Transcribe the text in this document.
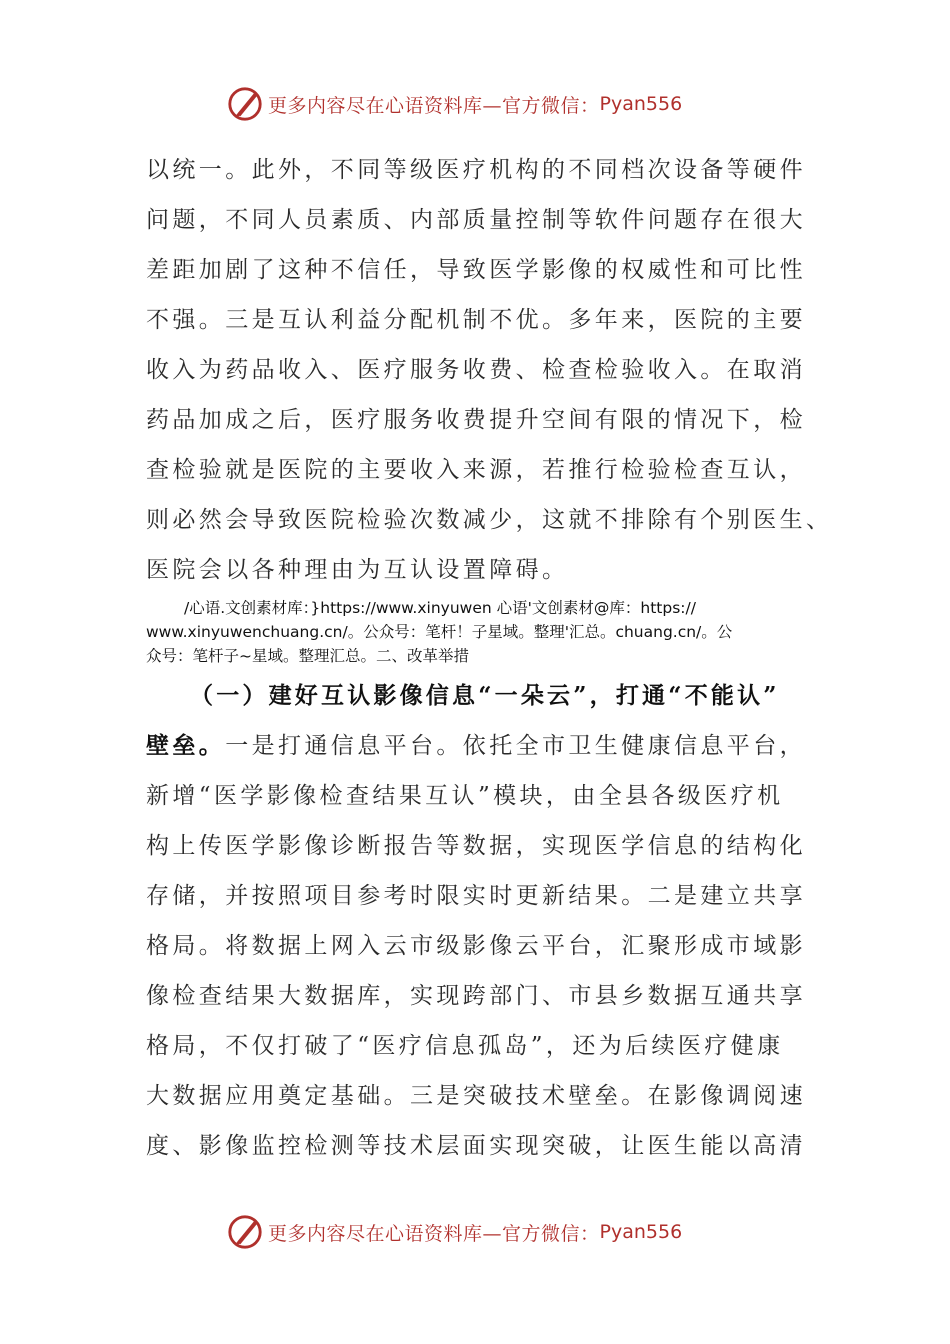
更多内容尽在心语资料库—官方微信： Pyan556
以统一。此外，不同等级医疗机构的不同档次设备等硬件
问题，不同人员素质、内部质量控制等软件问题存在很大
差距加剧了这种不信任，导致医学影像的权威性和可比性
不强。三是互认利益分配机制不优。多年来，医院的主要
收入为药品收入、医疗服务收费、检查检验收入。在取消
药品加成之后，医疗服务收费提升空间有限的情况下，检
查检验就是医院的主要收入来源，若推行检验检查互认，
则必然会导致医院检验次数减少，这就不排除有个别医生、
医院会以各种理由为互认设置障碍。
/心语.文创素材库：}https://www.xinyuwen 心语'文创素材@库：https://
www.xinyuwenchuang.cn/。公众号：笔杆！子星域。整理'汇总。chuang.cn/。公
众号：笔杆子~星域。整理汇总。二、改革举措
（一）建好互认影像信息“一朵云”，打通“不能认”
壁垒。一是打通信息平台。依托全市卫生健康信息平台，
新增“医学影像检查结果互认”模块，由全县各级医疗机
构上传医学影像诊断报告等数据，实现医学信息的结构化
存储，并按照项目参考时限实时更新结果。二是建立共享
格局。将数据上网入云市级影像云平台，汇聚形成市域影
像检查结果大数据库，实现跨部门、市县乡数据互通共享
格局，不仅打破了“医疗信息孤岛”，还为后续医疗健康
大数据应用奠定基础。三是突破技术壁垒。在影像调阅速
度、影像监控检测等技术层面实现突破，让医生能以高清
更多内容尽在心语资料库—官方微信： Pyan556
